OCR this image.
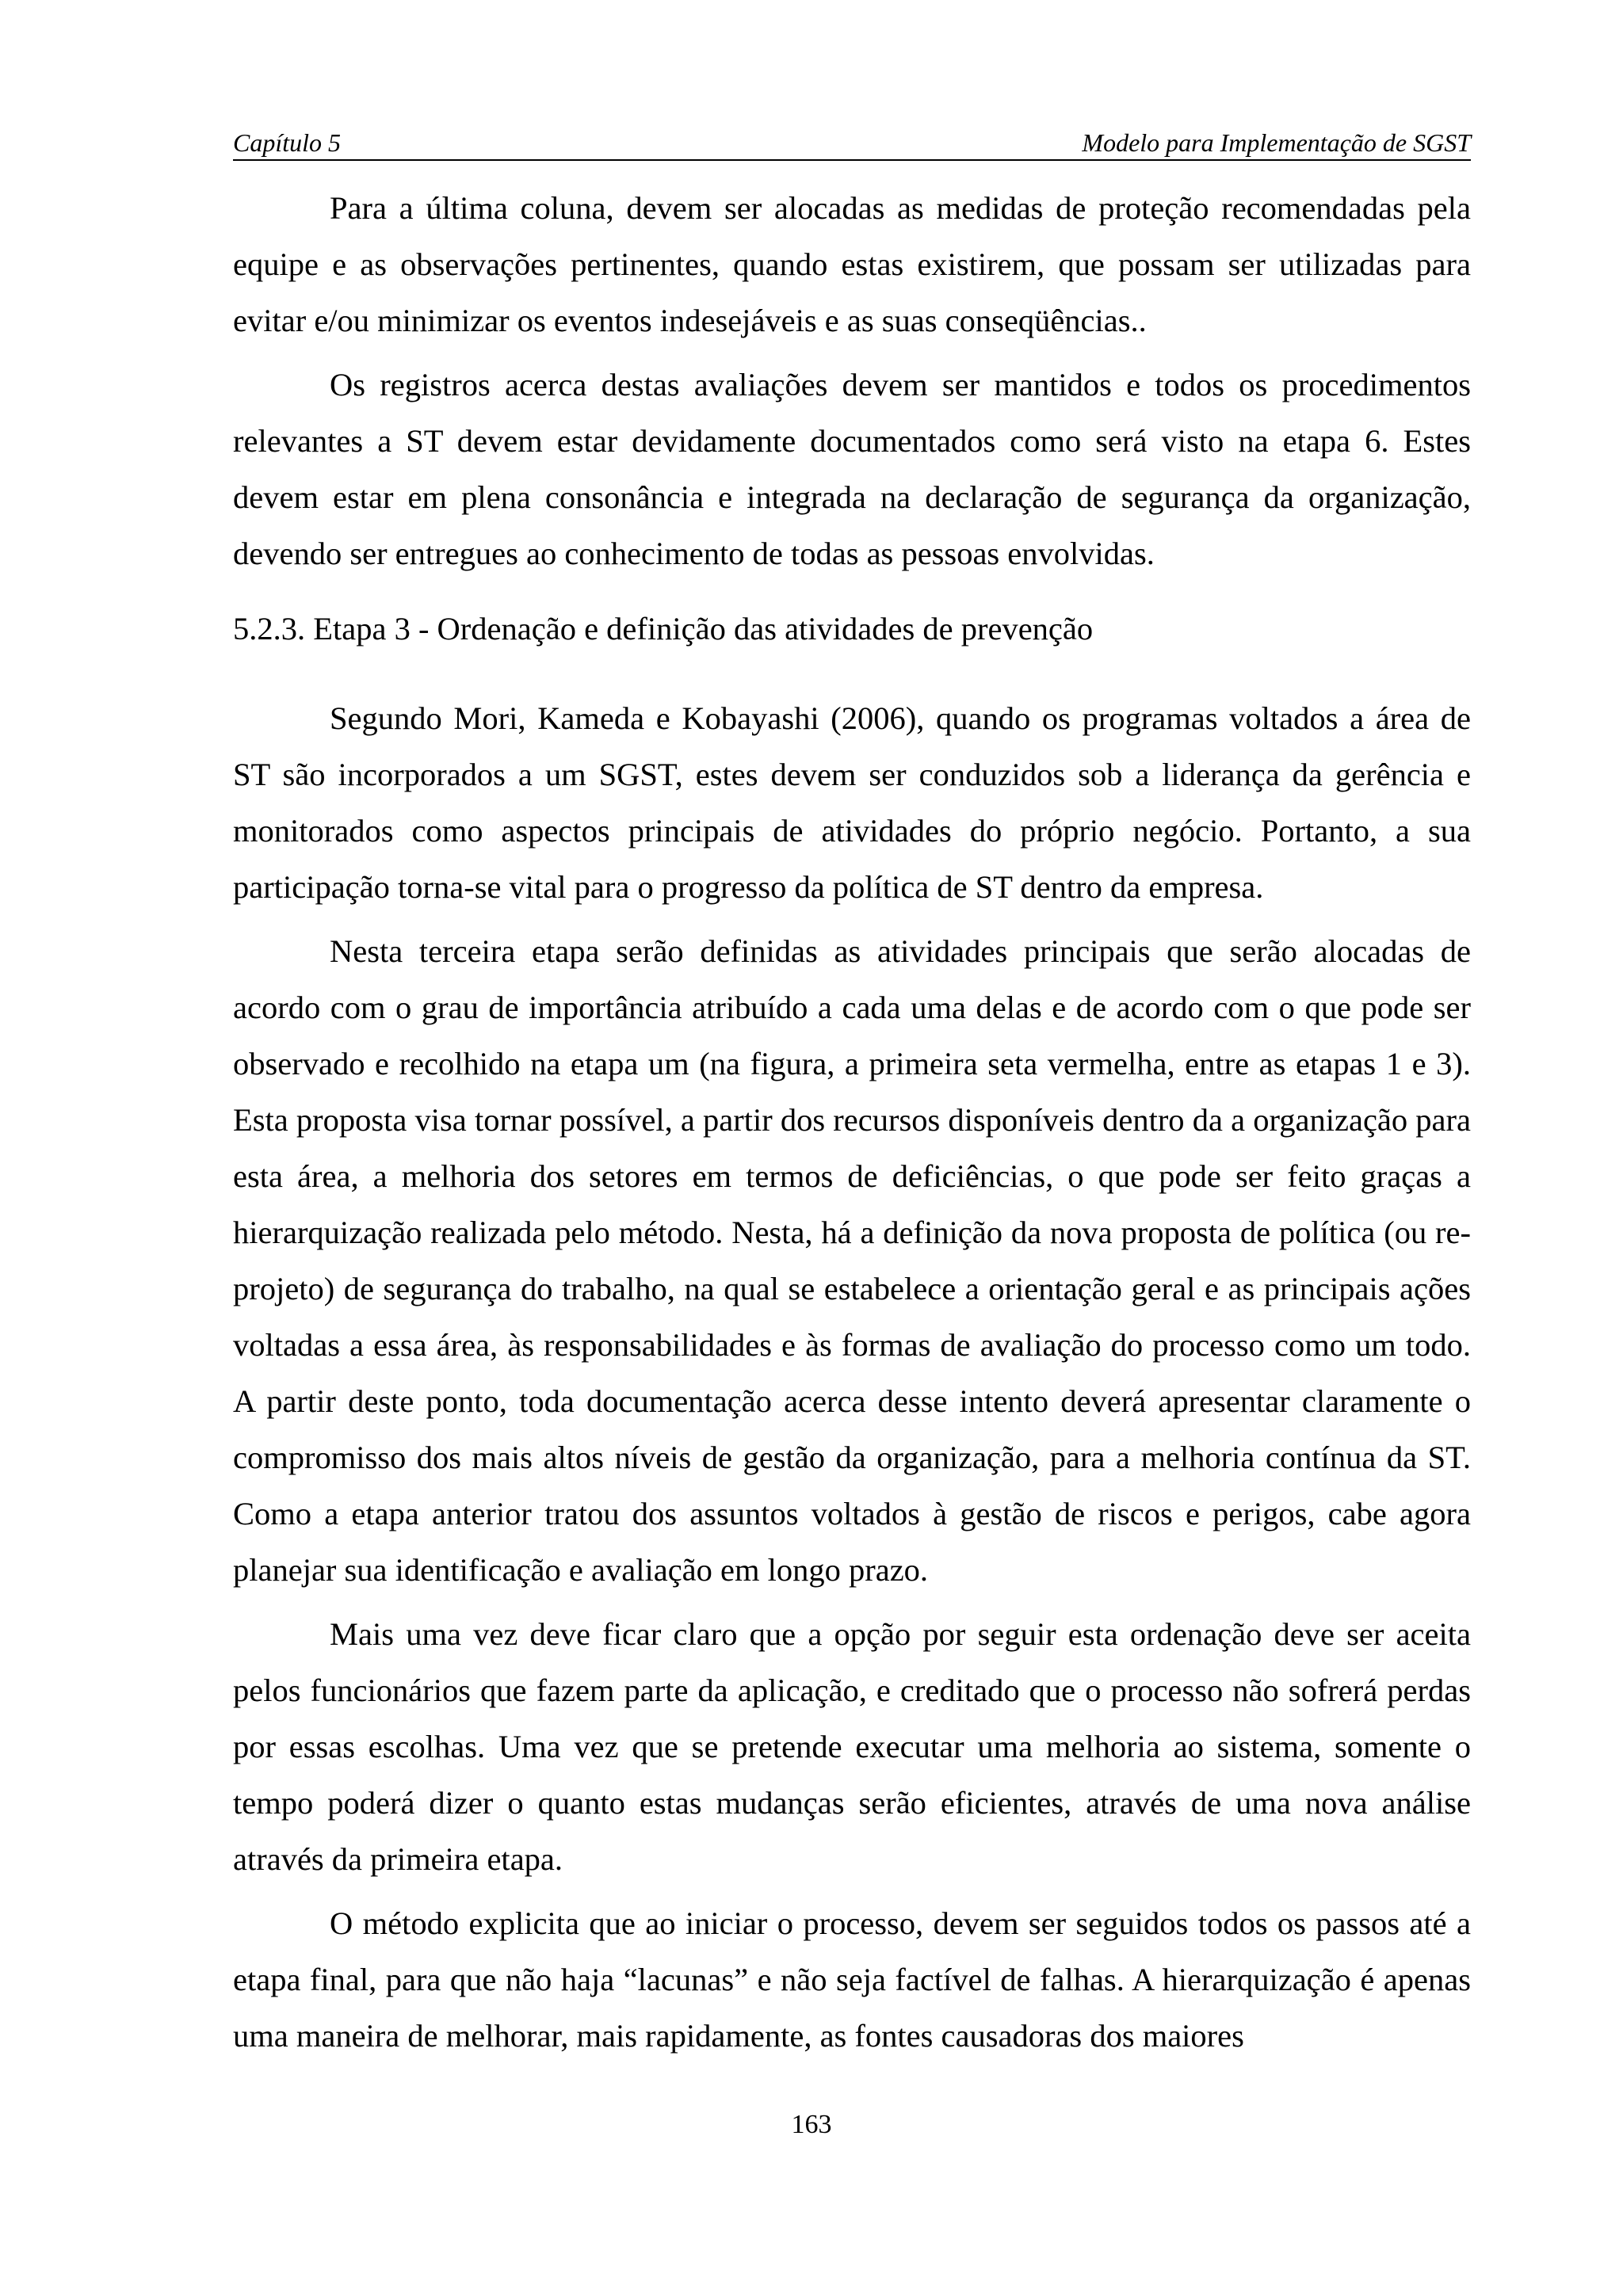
Capítulo 5	Modelo para Implementação de SGST

Para a última coluna, devem ser alocadas as medidas de proteção recomendadas pela equipe e as observações pertinentes, quando estas existirem, que possam ser utilizadas para evitar e/ou minimizar os eventos indesejáveis e as suas conseqüências..

Os registros acerca destas avaliações devem ser mantidos e todos os procedimentos relevantes a ST devem estar devidamente documentados como será visto na etapa 6. Estes devem estar em plena consonância e integrada na declaração de segurança da organização, devendo ser entregues ao conhecimento de todas as pessoas envolvidas.

5.2.3. Etapa 3 - Ordenação e definição das atividades de prevenção

Segundo Mori, Kameda e Kobayashi (2006), quando os programas voltados a área de ST são incorporados a um SGST, estes devem ser conduzidos sob a liderança da gerência e monitorados como aspectos principais de atividades do próprio negócio. Portanto, a sua participação torna-se vital para o progresso da política de ST dentro da empresa.

Nesta terceira etapa serão definidas as atividades principais que serão alocadas de acordo com o grau de importância atribuído a cada uma delas e de acordo com o que pode ser observado e recolhido na etapa um (na figura, a primeira seta vermelha, entre as etapas 1 e 3). Esta proposta visa tornar possível, a partir dos recursos disponíveis dentro da a organização para esta área, a melhoria dos setores em termos de deficiências, o que pode ser feito graças a hierarquização realizada pelo método. Nesta, há a definição da nova proposta de política (ou re-projeto) de segurança do trabalho, na qual se estabelece a orientação geral e as principais ações voltadas a essa área, às responsabilidades e às formas de avaliação do processo como um todo. A partir deste ponto, toda documentação acerca desse intento deverá apresentar claramente o compromisso dos mais altos níveis de gestão da organização, para a melhoria contínua da ST. Como a etapa anterior tratou dos assuntos voltados à gestão de riscos e perigos, cabe agora planejar sua identificação e avaliação em longo prazo.

Mais uma vez deve ficar claro que a opção por seguir esta ordenação deve ser aceita pelos funcionários que fazem parte da aplicação, e creditado que o processo não sofrerá perdas por essas escolhas. Uma vez que se pretende executar uma melhoria ao sistema, somente o tempo poderá dizer o quanto estas mudanças serão eficientes, através de uma nova análise através da primeira etapa.

O método explicita que ao iniciar o processo, devem ser seguidos todos os passos até a etapa final, para que não haja “lacunas” e não seja factível de falhas. A hierarquização é apenas uma maneira de melhorar, mais rapidamente, as fontes causadoras dos maiores

163
